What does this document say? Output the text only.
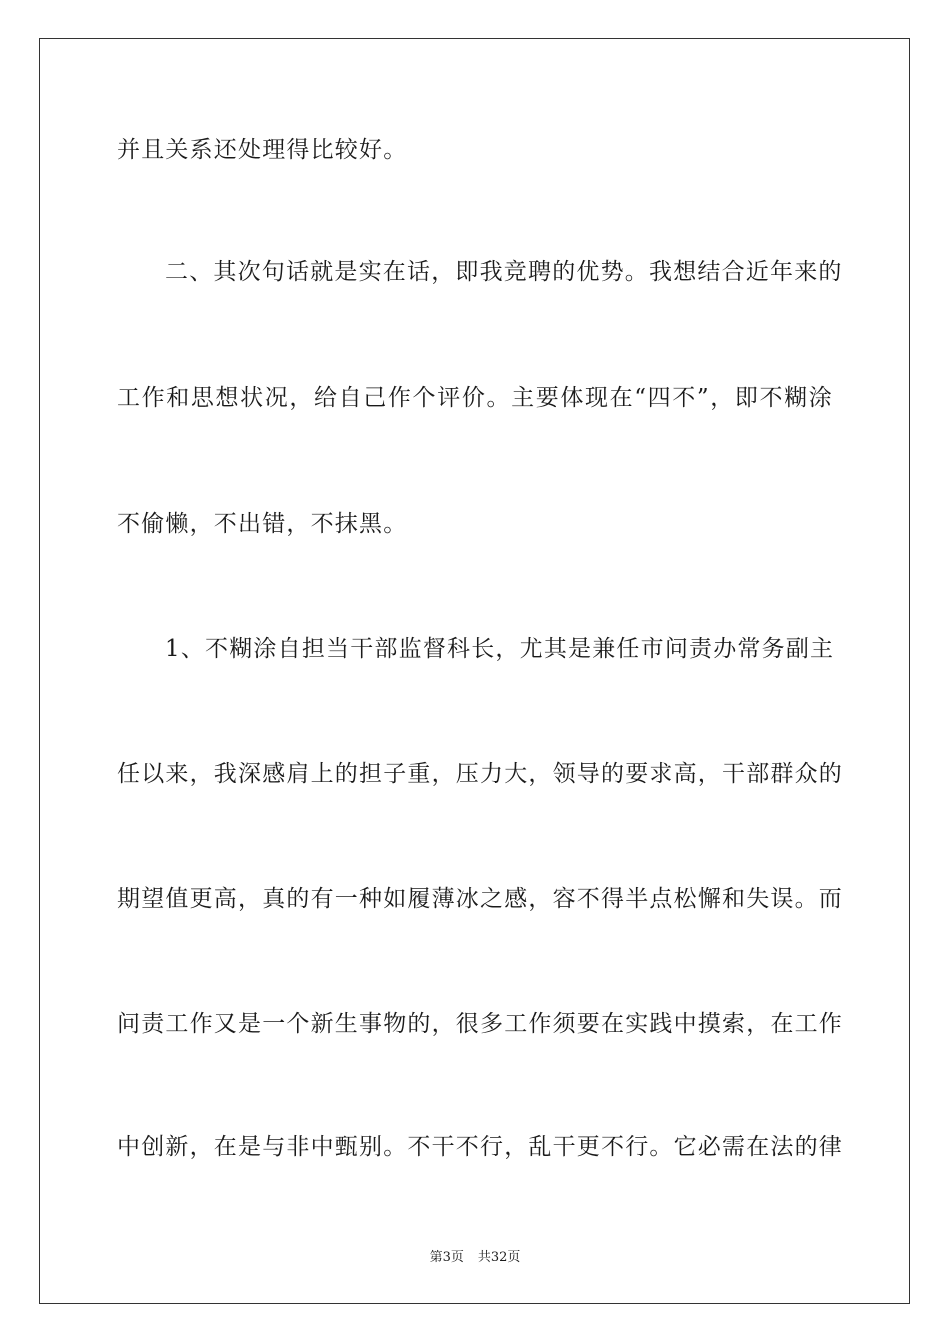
并且关系还处理得比较好。
二、其次句话就是实在话，即我竞聘的优势。我想结合近年来的
工作和思想状况，给自己作个评价。主要体现在“四不”，即不糊涂
不偷懒，不出错，不抹黑。
1、不糊涂自担当干部监督科长，尤其是兼任市问责办常务副主
任以来，我深感肩上的担子重，压力大，领导的要求高，干部群众的
期望值更高，真的有一种如履薄冰之感，容不得半点松懈和失误。而
问责工作又是一个新生事物的，很多工作须要在实践中摸索，在工作
中创新，在是与非中甄别。不干不行，乱干更不行。它必需在法的律
第3页 共32页
